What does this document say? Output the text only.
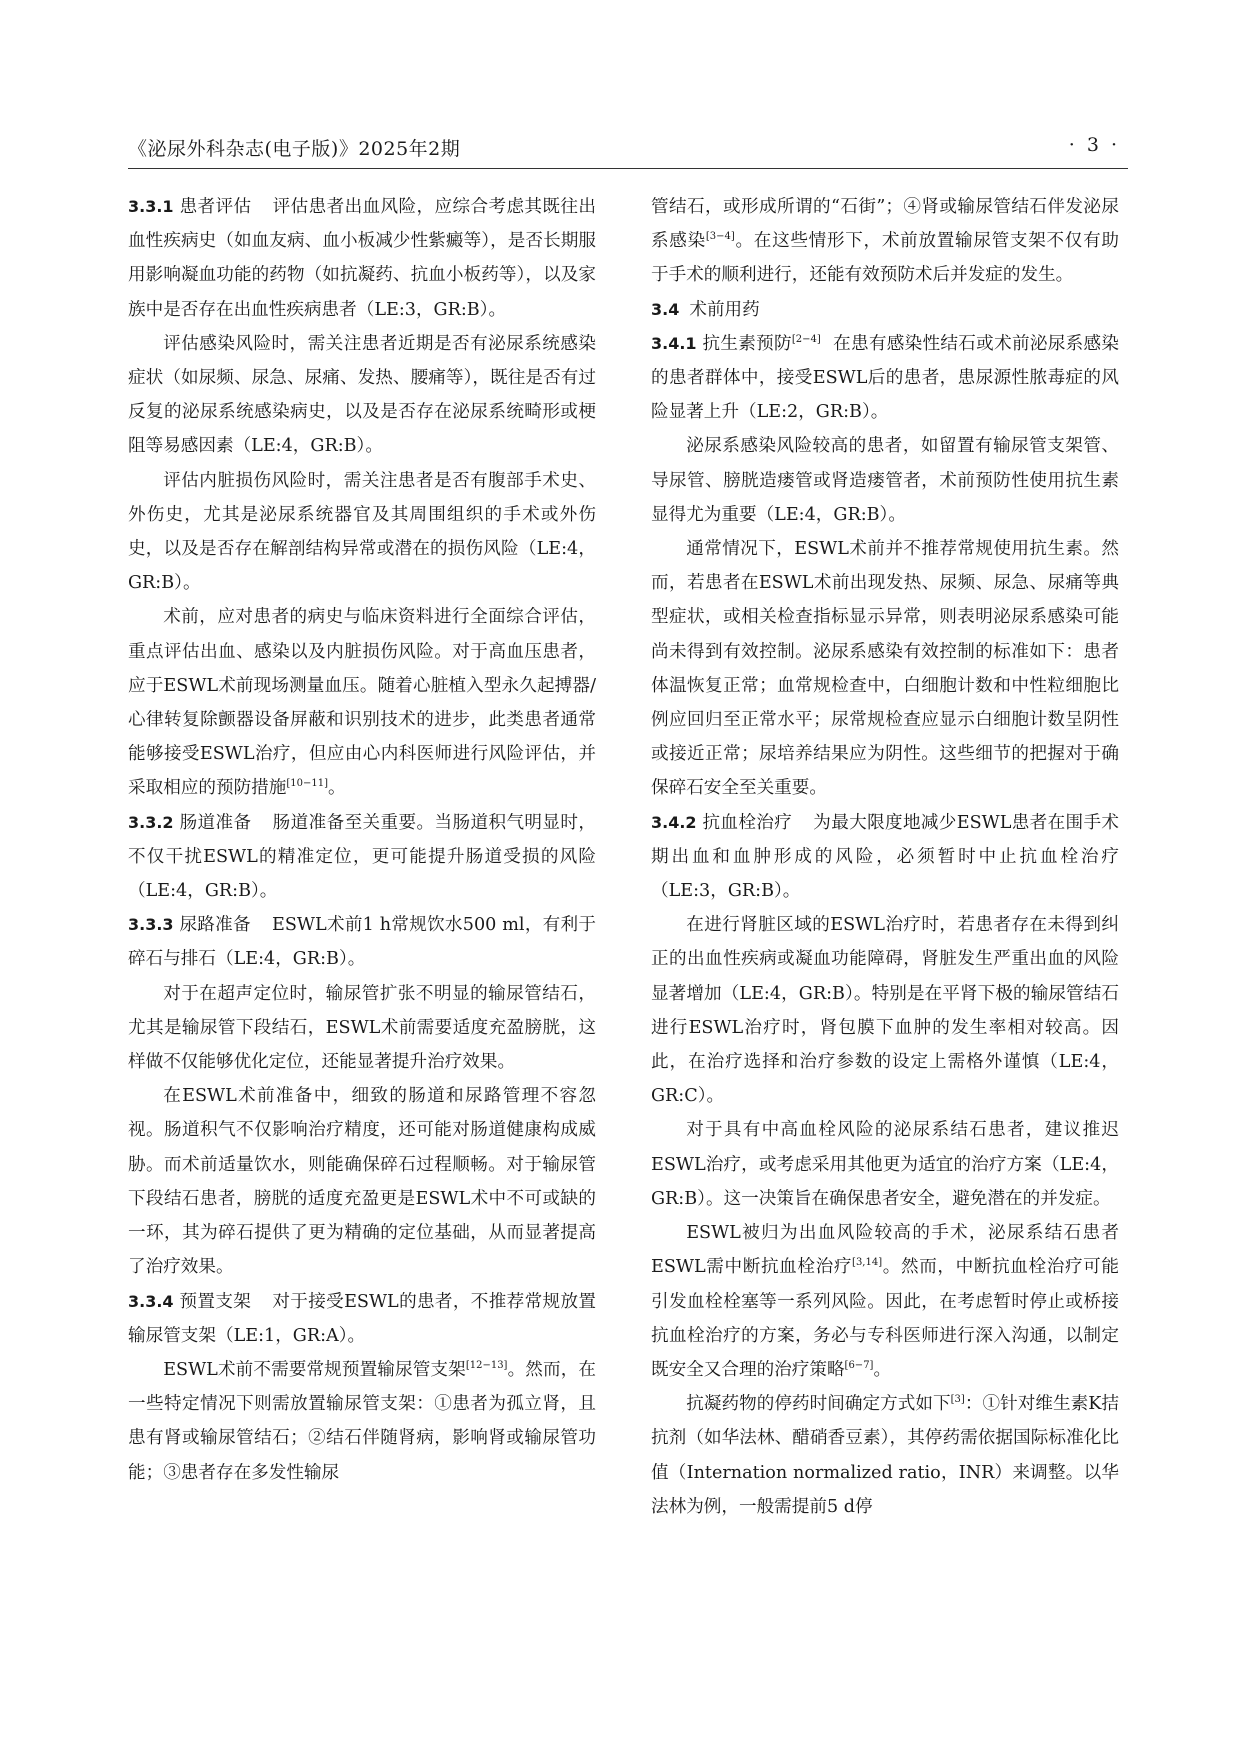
《泌尿外科杂志(电子版)》2025年2期	· 3 ·

3.3.1 患者评估 评估患者出血风险，应综合考虑其既往出血性疾病史（如血友病、血小板减少性紫癜等），是否长期服用影响凝血功能的药物（如抗凝药、抗血小板药等），以及家族中是否存在出血性疾病患者（LE:3，GR:B）。

评估感染风险时，需关注患者近期是否有泌尿系统感染症状（如尿频、尿急、尿痛、发热、腰痛等），既往是否有过反复的泌尿系统感染病史，以及是否存在泌尿系统畸形或梗阻等易感因素（LE:4，GR:B）。

评估内脏损伤风险时，需关注患者是否有腹部手术史、外伤史，尤其是泌尿系统器官及其周围组织的手术或外伤史，以及是否存在解剖结构异常或潜在的损伤风险（LE:4，GR:B）。

术前，应对患者的病史与临床资料进行全面综合评估，重点评估出血、感染以及内脏损伤风险。对于高血压患者，应于ESWL术前现场测量血压。随着心脏植入型永久起搏器/心律转复除颤器设备屏蔽和识别技术的进步，此类患者通常能够接受ESWL治疗，但应由心内科医师进行风险评估，并采取相应的预防措施[10−11]。

3.3.2 肠道准备 肠道准备至关重要。当肠道积气明显时，不仅干扰ESWL的精准定位，更可能提升肠道受损的风险（LE:4，GR:B）。

3.3.3 尿路准备 ESWL术前1 h常规饮水500 ml，有利于碎石与排石（LE:4，GR:B）。

对于在超声定位时，输尿管扩张不明显的输尿管结石，尤其是输尿管下段结石，ESWL术前需要适度充盈膀胱，这样做不仅能够优化定位，还能显著提升治疗效果。

在ESWL术前准备中，细致的肠道和尿路管理不容忽视。肠道积气不仅影响治疗精度，还可能对肠道健康构成威胁。而术前适量饮水，则能确保碎石过程顺畅。对于输尿管下段结石患者，膀胱的适度充盈更是ESWL术中不可或缺的一环，其为碎石提供了更为精确的定位基础，从而显著提高了治疗效果。

3.3.4 预置支架 对于接受ESWL的患者，不推荐常规放置输尿管支架（LE:1，GR:A）。

ESWL术前不需要常规预置输尿管支架[12−13]。然而，在一些特定情况下则需放置输尿管支架：①患者为孤立肾，且患有肾或输尿管结石；②结石伴随肾病，影响肾或输尿管功能；③患者存在多发性输尿

管结石，或形成所谓的“石街”；④肾或输尿管结石伴发泌尿系感染[3−4]。在这些情形下，术前放置输尿管支架不仅有助于手术的顺利进行，还能有效预防术后并发症的发生。

3.4 术前用药

3.4.1 抗生素预防[2−4] 在患有感染性结石或术前泌尿系感染的患者群体中，接受ESWL后的患者，患尿源性脓毒症的风险显著上升（LE:2，GR:B）。

泌尿系感染风险较高的患者，如留置有输尿管支架管、导尿管、膀胱造瘘管或肾造瘘管者，术前预防性使用抗生素显得尤为重要（LE:4，GR:B）。

通常情况下，ESWL术前并不推荐常规使用抗生素。然而，若患者在ESWL术前出现发热、尿频、尿急、尿痛等典型症状，或相关检查指标显示异常，则表明泌尿系感染可能尚未得到有效控制。泌尿系感染有效控制的标准如下：患者体温恢复正常；血常规检查中，白细胞计数和中性粒细胞比例应回归至正常水平；尿常规检查应显示白细胞计数呈阴性或接近正常；尿培养结果应为阴性。这些细节的把握对于确保碎石安全至关重要。

3.4.2 抗血栓治疗 为最大限度地减少ESWL患者在围手术期出血和血肿形成的风险，必须暂时中止抗血栓治疗（LE:3，GR:B）。

在进行肾脏区域的ESWL治疗时，若患者存在未得到纠正的出血性疾病或凝血功能障碍，肾脏发生严重出血的风险显著增加（LE:4，GR:B）。特别是在平肾下极的输尿管结石进行ESWL治疗时，肾包膜下血肿的发生率相对较高。因此，在治疗选择和治疗参数的设定上需格外谨慎（LE:4，GR:C）。

对于具有中高血栓风险的泌尿系结石患者，建议推迟ESWL治疗，或考虑采用其他更为适宜的治疗方案（LE:4，GR:B）。这一决策旨在确保患者安全，避免潜在的并发症。

ESWL被归为出血风险较高的手术，泌尿系结石患者ESWL需中断抗血栓治疗[3,14]。然而，中断抗血栓治疗可能引发血栓栓塞等一系列风险。因此，在考虑暂时停止或桥接抗血栓治疗的方案，务必与专科医师进行深入沟通，以制定既安全又合理的治疗策略[6−7]。

抗凝药物的停药时间确定方式如下[3]：①针对维生素K拮抗剂（如华法林、醋硝香豆素），其停药需依据国际标准化比值（Internation normalized ratio，INR）来调整。以华法林为例，一般需提前5 d停
